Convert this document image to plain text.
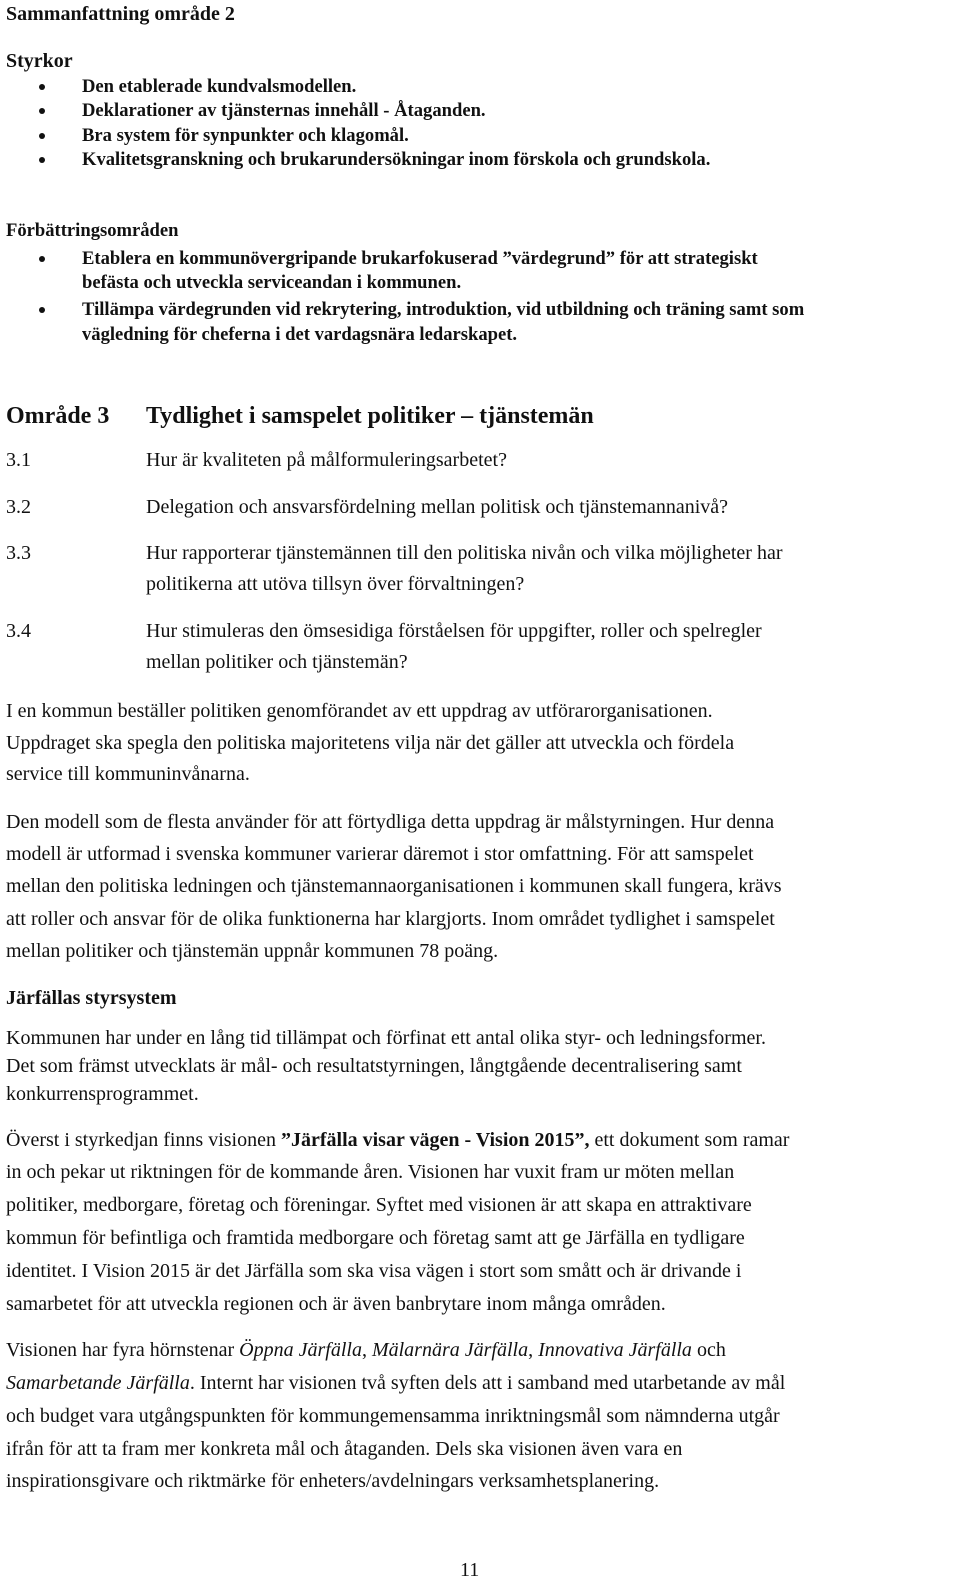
Sammanfattning område 2
Styrkor
Den etablerade kundvalsmodellen.
Deklarationer av tjänsternas innehåll - Åtaganden.
Bra system för synpunkter och klagomål.
Kvalitetsgranskning och brukarundersökningar inom förskola och grundskola.
Förbättringsområden
Etablera en kommunövergripande brukarfokuserad ”värdegrund” för att strategiskt
befästa och utveckla serviceandan i kommunen.
Tillämpa värdegrunden vid rekrytering, introduktion, vid utbildning och träning samt som
vägledning för cheferna i det vardagsnära ledarskapet.
Område 3 Tydlighet i samspelet politiker – tjänstemän
3.1	Hur är kvaliteten på målformuleringsarbetet?
3.2	Delegation och ansvarsfördelning mellan politisk och tjänstemannanivå?
3.3	Hur rapporterar tjänstemännen till den politiska nivån och vilka möjligheter har
politikerna att utöva tillsyn över förvaltningen?
3.4	Hur stimuleras den ömsesidiga förståelsen för uppgifter, roller och spelregler
mellan politiker och tjänstemän?
I en kommun beställer politiken genomförandet av ett uppdrag av utförarorganisationen.
Uppdraget ska spegla den politiska majoritetens vilja när det gäller att utveckla och fördela
service till kommuninvånarna.
Den modell som de flesta använder för att förtydliga detta uppdrag är målstyrningen. Hur denna
modell är utformad i svenska kommuner varierar däremot i stor omfattning. För att samspelet
mellan den politiska ledningen och tjänstemannaorganisationen i kommunen skall fungera, krävs
att roller och ansvar för de olika funktionerna har klargjorts. Inom området tydlighet i samspelet
mellan politiker och tjänstemän uppnår kommunen 78 poäng.
Järfällas styrsystem
Kommunen har under en lång tid tillämpat och förfinat ett antal olika styr- och ledningsformer.
Det som främst utvecklats är mål- och resultatstyrningen, långtgående decentralisering samt
konkurrensprogrammet.
Överst i styrkedjan finns visionen ”Järfälla visar vägen - Vision 2015”, ett dokument som ramar
in och pekar ut riktningen för de kommande åren. Visionen har vuxit fram ur möten mellan
politiker, medborgare, företag och föreningar. Syftet med visionen är att skapa en attraktivare
kommun för befintliga och framtida medborgare och företag samt att ge Järfälla en tydligare
identitet. I Vision 2015 är det Järfälla som ska visa vägen i stort som smått och är drivande i
samarbetet för att utveckla regionen och är även banbrytare inom många områden.
Visionen har fyra hörnstenar Öppna Järfälla, Mälarnära Järfälla, Innovativa Järfälla och
Samarbetande Järfälla. Internt har visionen två syften dels att i samband med utarbetande av mål
och budget vara utgångspunkten för kommungemensamma inriktningsmål som nämnderna utgår
ifrån för att ta fram mer konkreta mål och åtaganden. Dels ska visionen även vara en
inspirationsgivare och riktmärke för enheters/avdelningars verksamhetsplanering.
11
